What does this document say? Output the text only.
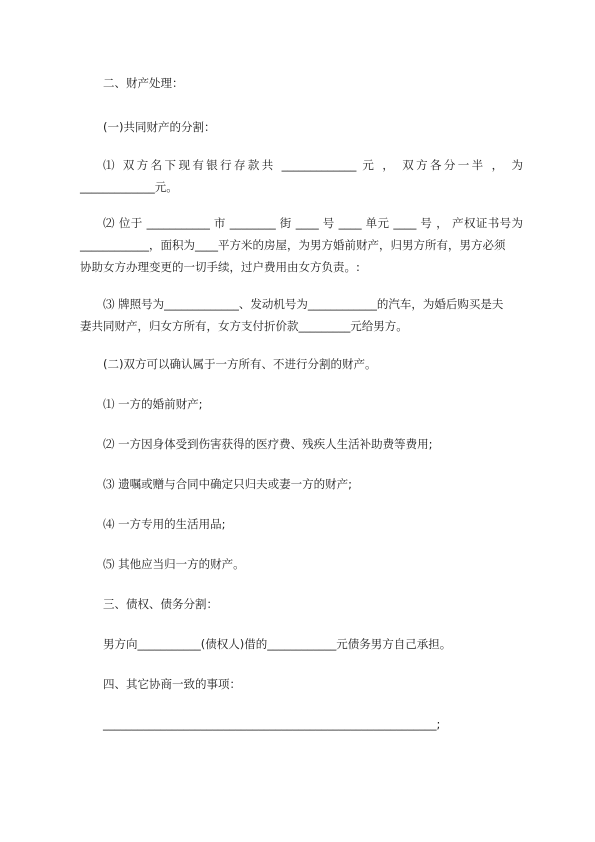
二、财产处理：

(一)共同财产的分割：

⑴ 双方名下现有银行存款共 _____________ 元 ， 双方各分一半 ， 为

_____________元。

⑵ 位于 ___________ 市 ________ 街 ____ 号 ____ 单元 ____ 号 ， 产权证书号为

____________，面积为____平方米的房屋，为男方婚前财产，归男方所有，男方必须

协助女方办理变更的一切手续，过户费用由女方负责。:

⑶ 牌照号为_____________、发动机号为____________的汽车，为婚后购买是夫

妻共同财产，归女方所有，女方支付折价款_________元给男方。

(二)双方可以确认属于一方所有、不进行分割的财产。

⑴ 一方的婚前财产;

⑵ 一方因身体受到伤害获得的医疗费、残疾人生活补助费等费用;

⑶ 遗嘱或赠与合同中确定只归夫或妻一方的财产;

⑷ 一方专用的生活用品;

⑸ 其他应当归一方的财产。

三、债权、债务分割：

男方向___________(债权人)借的____________元债务男方自己承担。

四、其它协商一致的事项：

__________________________________________________________;
